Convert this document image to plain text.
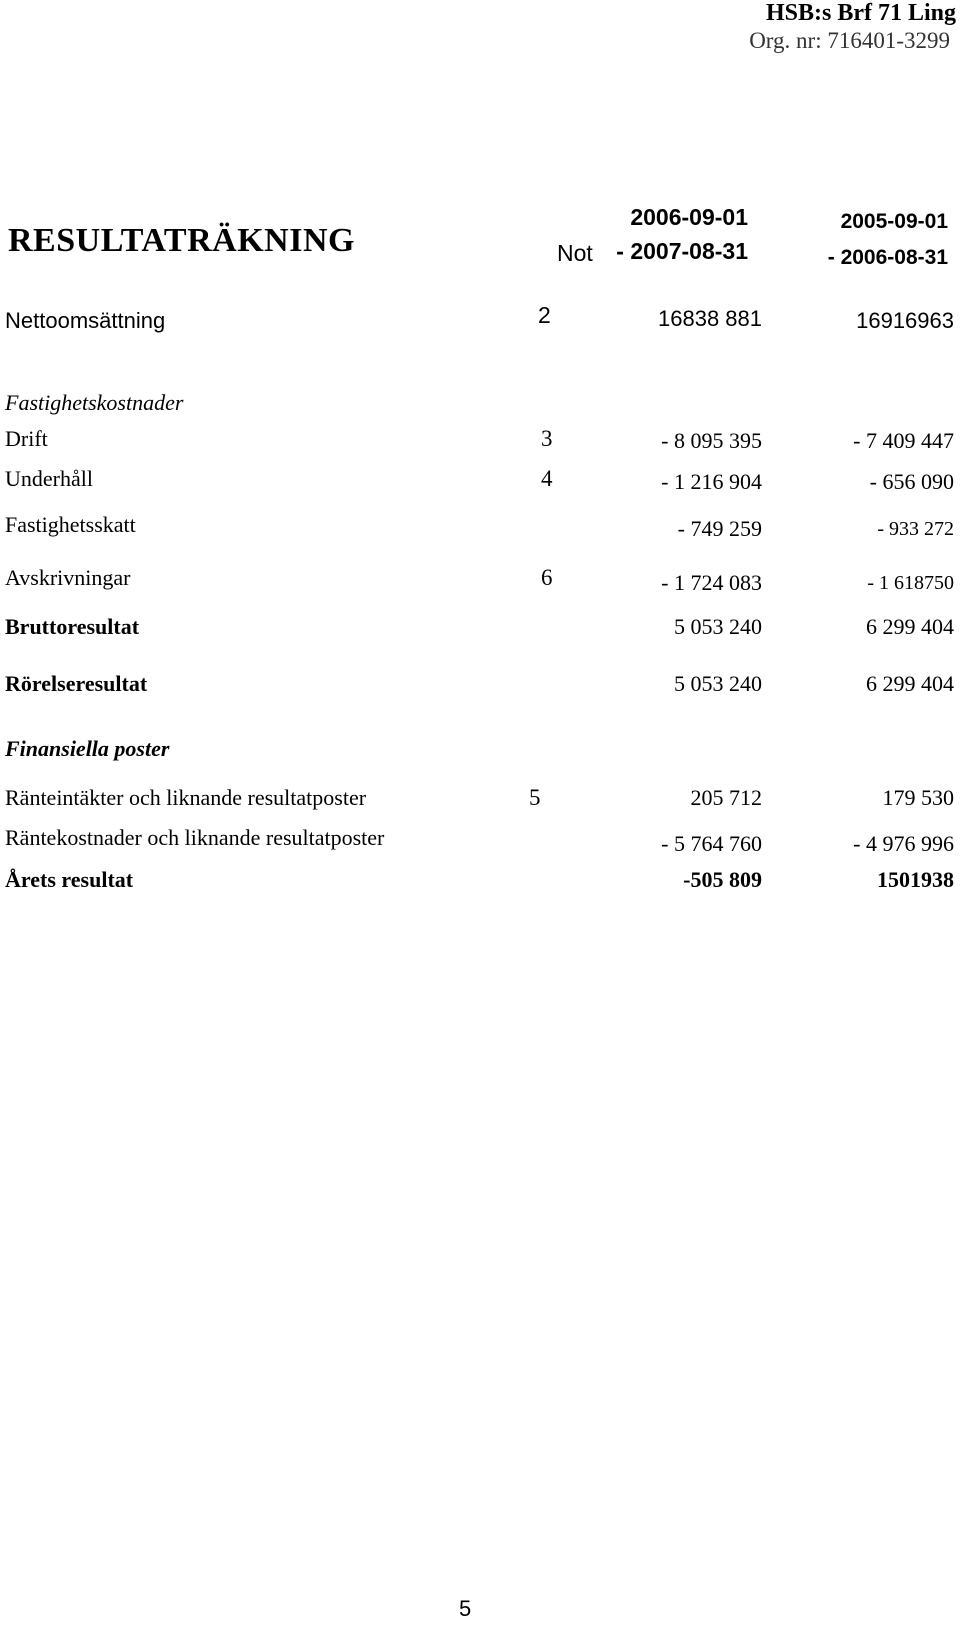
HSB:s Brf 71 Ling
Org. nr: 716401-3299
RESULTATRÄKNING
2006-09-01	2005-09-01
Not - 2007-08-31	- 2006-08-31
Nettoomsättning	2	16838 881	16916963
Fastighetskostnader
Drift	3	- 8 095 395	- 7 409 447
Underhåll	4	- 1 216 904	- 656 090
Fastighetsskatt	- 749 259	- 933 272
Avskrivningar	6	- 1 724 083	- 1 618750
Bruttoresultat	5 053 240	6 299 404
Rörelseresultat	5 053 240	6 299 404
Finansiella poster
Ränteintäkter och liknande resultatposter	5	205 712	179 530
Räntekostnader och liknande resultatposter	- 5 764 760	- 4 976 996
Årets resultat	-505 809	1501938
5
